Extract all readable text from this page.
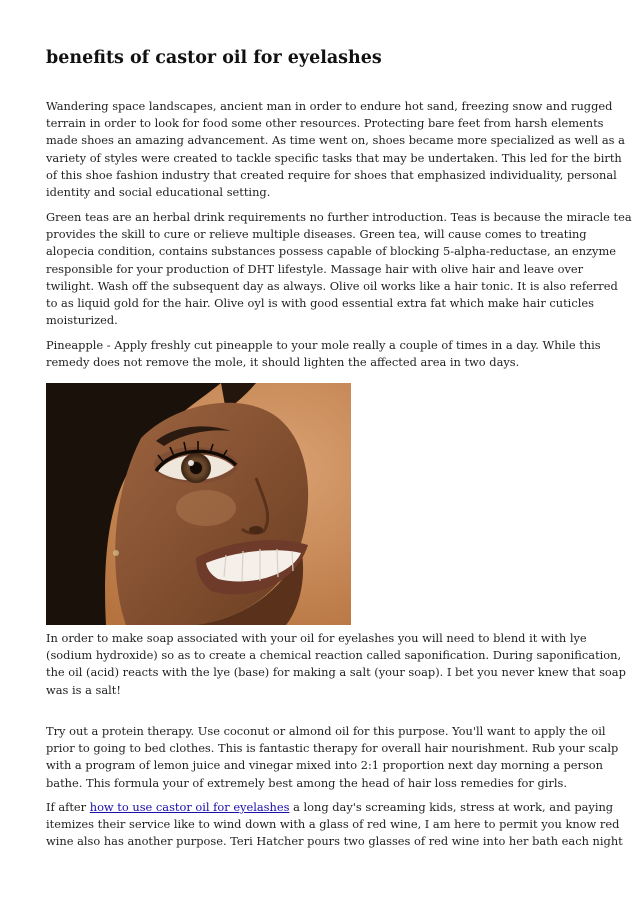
benefits of castor oil for eyelashes

Wandering space landscapes, ancient man in order to endure hot sand, freezing snow and rugged
terrain in order to look for food some other resources. Protecting bare feet from harsh elements
made shoes an amazing advancement. As time went on, shoes became more specialized as well as a
variety of styles were created to tackle specific tasks that may be undertaken. This led for the birth
of this shoe fashion industry that created require for shoes that emphasized individuality, personal
identity and social educational setting.

Green teas are an herbal drink requirements no further introduction. Teas is because the miracle tea
provides the skill to cure or relieve multiple diseases. Green tea, will cause comes to treating
alopecia condition, contains substances possess capable of blocking 5-alpha-reductase, an enzyme
responsible for your production of DHT lifestyle. Massage hair with olive hair and leave over
twilight. Wash off the subsequent day as always. Olive oil works like a hair tonic. It is also referred
to as liquid gold for the hair. Olive oyl is with good essential extra fat which make hair cuticles
moisturized.

Pineapple - Apply freshly cut pineapple to your mole really a couple of times in a day. While this
remedy does not remove the mole, it should lighten the affected area in two days.

In order to make soap associated with your oil for eyelashes you will need to blend it with lye
(sodium hydroxide) so as to create a chemical reaction called saponification. During saponification,
the oil (acid) reacts with the lye (base) for making a salt (your soap). I bet you never knew that soap
was is a salt!

Try out a protein therapy. Use coconut or almond oil for this purpose. You'll want to apply the oil
prior to going to bed clothes. This is fantastic therapy for overall hair nourishment. Rub your scalp
with a program of lemon juice and vinegar mixed into 2:1 proportion next day morning a person
bathe. This formula your of extremely best among the head of hair loss remedies for girls.

If after how to use castor oil for eyelashes a long day's screaming kids, stress at work, and paying
itemizes their service like to wind down with a glass of red wine, I am here to permit you know red
wine also has another purpose. Teri Hatcher pours two glasses of red wine into her bath each night
